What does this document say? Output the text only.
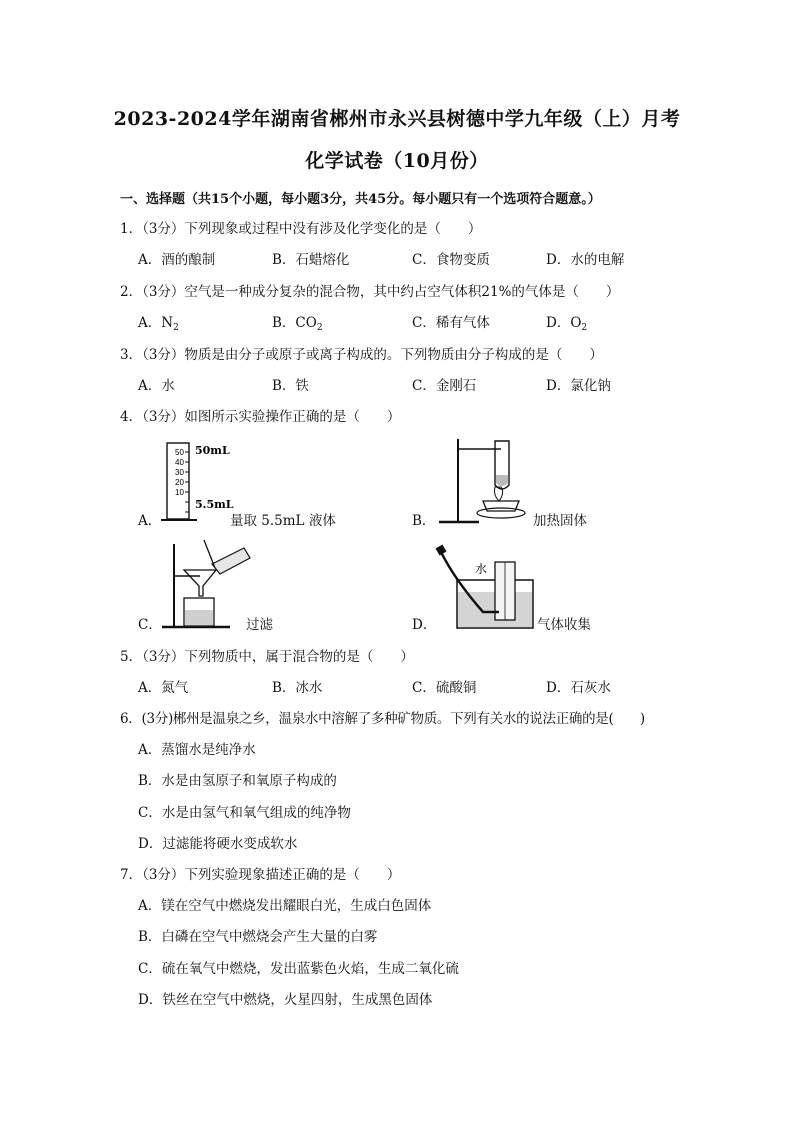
2023-2024学年湖南省郴州市永兴县树德中学九年级（上）月考
化学试卷（10月份）
一、选择题（共15个小题，每小题3分，共45分。每小题只有一个选项符合题意。）
1．（3分）下列现象或过程中没有涉及化学变化的是（　　）
A．酒的酿制	B．石蜡熔化	C．食物变质	D．水的电解
2．（3分）空气是一种成分复杂的混合物，其中约占空气体积21%的气体是（　　）
A．$N_2$	B．$CO_2$	C．稀有气体	D．$O_2$
3．（3分）物质是由分子或原子或离子构成的。下列物质由分子构成的是（　　）
A．水	B．铁	C．金刚石	D．氯化钠
4．（3分）如图所示实验操作正确的是（　　）
A．
50
40
30
20
10
50mL
5.5mL
量取 5.5mL 液体	B．	加热固体
C．	过滤	D．
水
气体收集
5．（3分）下列物质中，属于混合物的是（　　）
A．氮气	B．冰水	C．硫酸铜	D．石灰水
6．(3分)郴州是温泉之乡，温泉水中溶解了多种矿物质。下列有关水的说法正确的是(　　)
A．蒸馏水是纯净水
B．水是由氢原子和氧原子构成的
C．水是由氢气和氧气组成的纯净物
D．过滤能将硬水变成软水
7．（3分）下列实验现象描述正确的是（　　）
A．镁在空气中燃烧发出耀眼白光，生成白色固体
B．白磷在空气中燃烧会产生大量的白雾
C．硫在氧气中燃烧，发出蓝紫色火焰，生成二氧化硫
D．铁丝在空气中燃烧，火星四射，生成黑色固体
